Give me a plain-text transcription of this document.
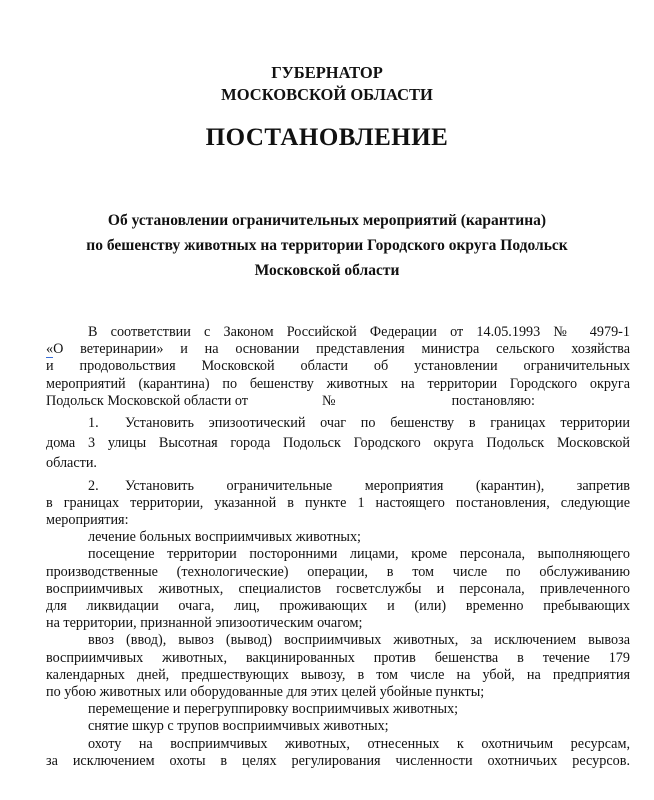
ГУБЕРНАТОР
МОСКОВСКОЙ ОБЛАСТИ
ПОСТАНОВЛЕНИЕ
Об установлении ограничительных мероприятий (карантина)
по бешенству животных на территории Городского округа Подольск
Московской области
В соответствии с Законом Российской Федерации от 14.05.1993 № 4979-1
«О ветеринарии» и на основании представления министра сельского хозяйства
и продовольствия Московской области об установлении ограничительных
мероприятий (карантина) по бешенству животных на территории Городского округа
Подольск Московской области от	№	постановляю:
1. Установить эпизоотический очаг по бешенству в границах территории
дома 3 улицы Высотная города Подольск Городского округа Подольск Московской
области.
2. Установить ограничительные мероприятия (карантин), запретив
в границах территории, указанной в пункте 1 настоящего постановления, следующие
мероприятия:
лечение больных восприимчивых животных;
посещение территории посторонними лицами, кроме персонала, выполняющего
производственные (технологические) операции, в том числе по обслуживанию
восприимчивых животных, специалистов госветслужбы и персонала, привлеченного
для ликвидации очага, лиц, проживающих и (или) временно пребывающих
на территории, признанной эпизоотическим очагом;
ввоз (ввод), вывоз (вывод) восприимчивых животных, за исключением вывоза
восприимчивых животных, вакцинированных против бешенства в течение 179
календарных дней, предшествующих вывозу, в том числе на убой, на предприятия
по убою животных или оборудованные для этих целей убойные пункты;
перемещение и перегруппировку восприимчивых животных;
снятие шкур с трупов восприимчивых животных;
охоту на восприимчивых животных, отнесенных к охотничьим ресурсам,
за исключением охоты в целях регулирования численности охотничьих ресурсов.
